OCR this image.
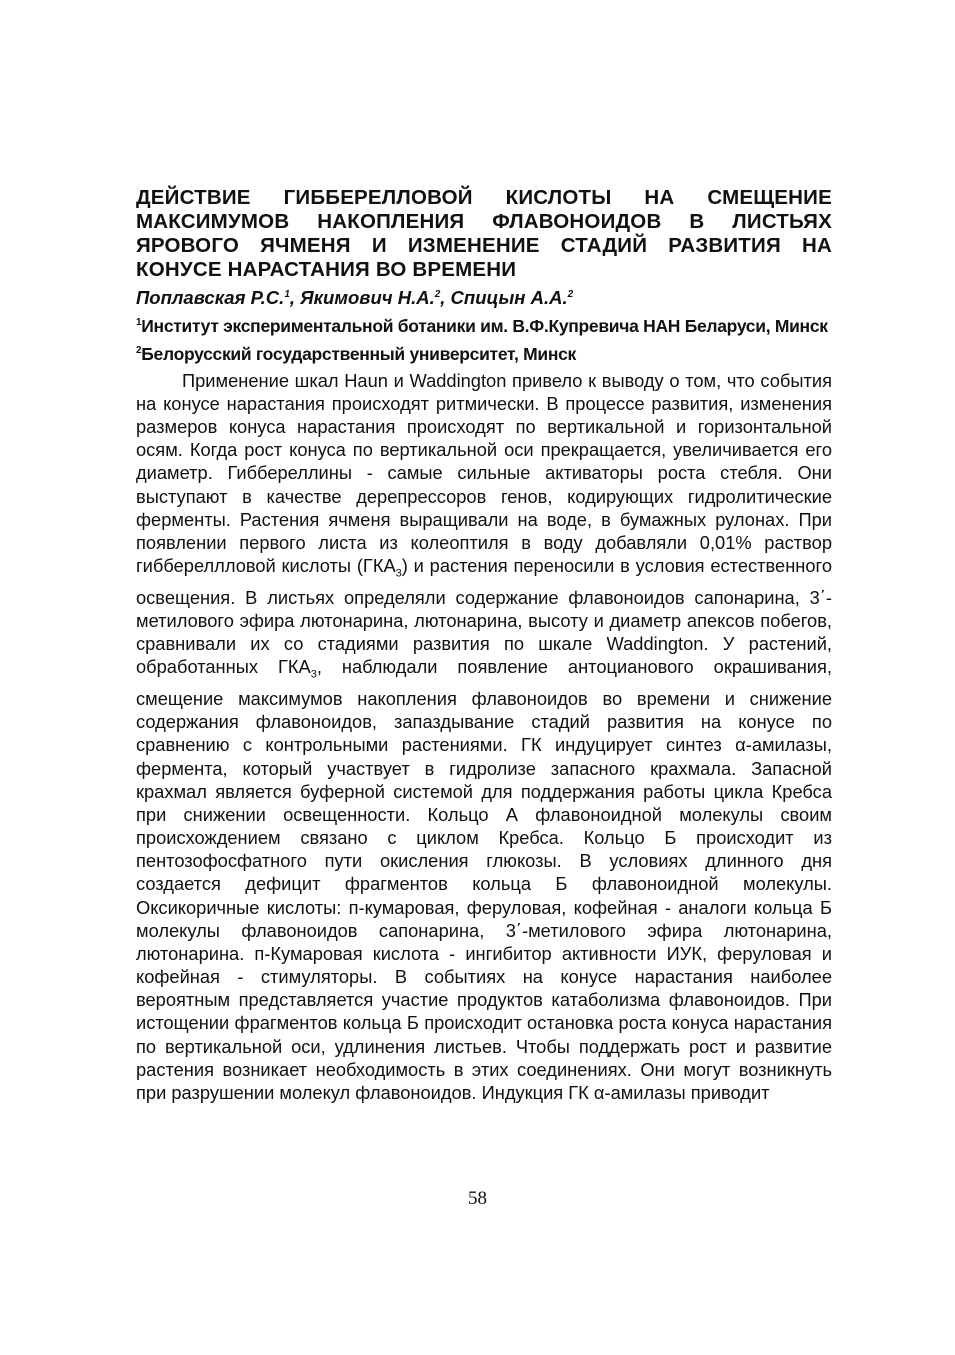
ДЕЙСТВИЕ ГИББЕРЕЛЛОВОЙ КИСЛОТЫ НА СМЕЩЕНИЕ МАКСИМУМОВ НАКОПЛЕНИЯ ФЛАВОНОИДОВ В ЛИСТЬЯХ ЯРОВОГО ЯЧМЕНЯ И ИЗМЕНЕНИЕ СТАДИЙ РАЗВИТИЯ НА КОНУСЕ НАРАСТАНИЯ ВО ВРЕМЕНИ

Поплавская Р.С.$^1$, Якимович Н.А.$^2$, Спицын А.А.$^2$

$^1$Институт экспериментальной ботаники им. В.Ф.Купревича НАН Беларуси, Минск

$^2$Белорусский государственный университет, Минск

Применение шкал Haun и Waddington привело к выводу о том, что события на конусе нарастания происходят ритмически. В процессе развития, изменения размеров конуса нарастания происходят по вертикальной и горизонтальной осям. Когда рост конуса по вертикальной оси прекращается, увеличивается его диаметр. Гиббереллины - самые сильные активаторы роста стебля. Они выступают в качестве дерепрессоров генов, кодирующих гидролитические ферменты. Растения ячменя выращивали на воде, в бумажных рулонах. При появлении первого листа из колеоптиля в воду добавляли 0,01% раствор гиббереллловой кислоты $(ГКА_3)$ и растения переносили в условия естественного освещения. В листьях определяли содержание флавоноидов сапонарина, 3΄-метилового эфира лютонарина, лютонарина, высоту и диаметр апексов побегов, сравнивали их со стадиями развития по шкале Waddington. У растений, обработанных $ГКА_3$, наблюдали появление антоцианового окрашивания, смещение максимумов накопления флавоноидов во времени и снижение содержания флавоноидов, запаздывание стадий развития на конусе по сравнению с контрольными растениями. ГК индуцирует синтез α-амилазы, фермента, который участвует в гидролизе запасного крахмала. Запасной крахмал является буферной системой для поддержания работы цикла Кребса при снижении освещенности. Кольцо А флавоноидной молекулы своим происхождением связано с циклом Кребса. Кольцо Б происходит из пентозофосфатного пути окисления глюкозы. В условиях длинного дня создается дефицит фрагментов кольца Б флавоноидной молекулы. Оксикоричные кислоты: п-кумаровая, феруловая, кофейная - аналоги кольца Б молекулы флавоноидов сапонарина, 3΄-метилового эфира лютонарина, лютонарина. п-Кумаровая кислота - ингибитор активности ИУК, феруловая и кофейная - стимуляторы. В событиях на конусе нарастания наиболее вероятным представляется участие продуктов катаболизма флавоноидов. При истощении фрагментов кольца Б происходит остановка роста конуса нарастания по вертикальной оси, удлинения листьев. Чтобы поддержать рост и развитие растения возникает необходимость в этих соединениях. Они могут возникнуть при разрушении молекул флавоноидов. Индукция ГК α-амилазы приводит

58
